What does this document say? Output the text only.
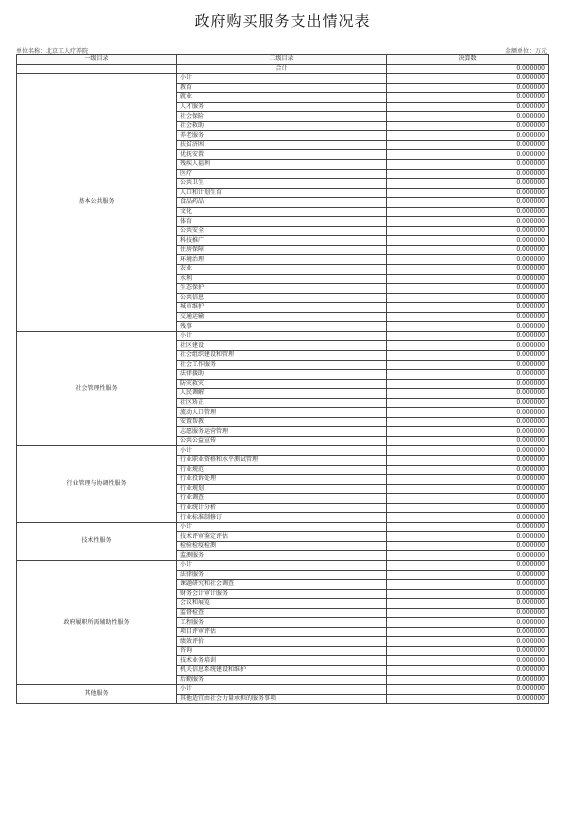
政府购买服务支出情况表
单位名称：北京工人疗养院	金额单位：万元
一级目录	二级目录	决算数
	合计	0.000000
基本公共服务	小计	0.000000
	教育	0.000000
	就业	0.000000
	人才服务	0.000000
	社会保险	0.000000
	社会救助	0.000000
	养老服务	0.000000
	扶贫济困	0.000000
	优抚安置	0.000000
	残疾人福利	0.000000
	医疗	0.000000
	公共卫生	0.000000
	人口和计划生育	0.000000
	食品药品	0.000000
	文化	0.000000
	体育	0.000000
	公共安全	0.000000
	科技推广	0.000000
	住房保障	0.000000
	环境治理	0.000000
	农业	0.000000
	水利	0.000000
	生态保护	0.000000
	公共信息	0.000000
	城市维护	0.000000
	交通运输	0.000000
	残事	0.000000
社会管理性服务	小计	0.000000
	社区建设	0.000000
	社会组织建设和管理	0.000000
	社会工作服务	0.000000
	法律援助	0.000000
	防灾救灾	0.000000
	人民调解	0.000000
	社区矫正	0.000000
	流动人口管理	0.000000
	安置帮教	0.000000
	志愿服务运营管理	0.000000
	公共公益宣传	0.000000
行业管理与协调性服务	小计	0.000000
	行业职业资格和水平测试管理	0.000000
	行业规范	0.000000
	行业投诉处理	0.000000
	行业规划	0.000000
	行业调查	0.000000
	行业统计分析	0.000000
	行业标准制修订	0.000000
技术性服务	小计	0.000000
	技术评审鉴定评估	0.000000
	检验检疫检测	0.000000
	监测服务	0.000000
政府履职所需辅助性服务	小计	0.000000
	法律服务	0.000000
	课题研究和社会调查	0.000000
	财务会计审计服务	0.000000
	会议和展览	0.000000
	监督检查	0.000000
	工程服务	0.000000
	项目评审评估	0.000000
	绩效评价	0.000000
	咨询	0.000000
	技术业务培训	0.000000
	机关信息系统建设和维护	0.000000
	后勤服务	0.000000
其他服务	小计	0.000000
	其他适宜由社会力量承担的服务事项	0.000000
